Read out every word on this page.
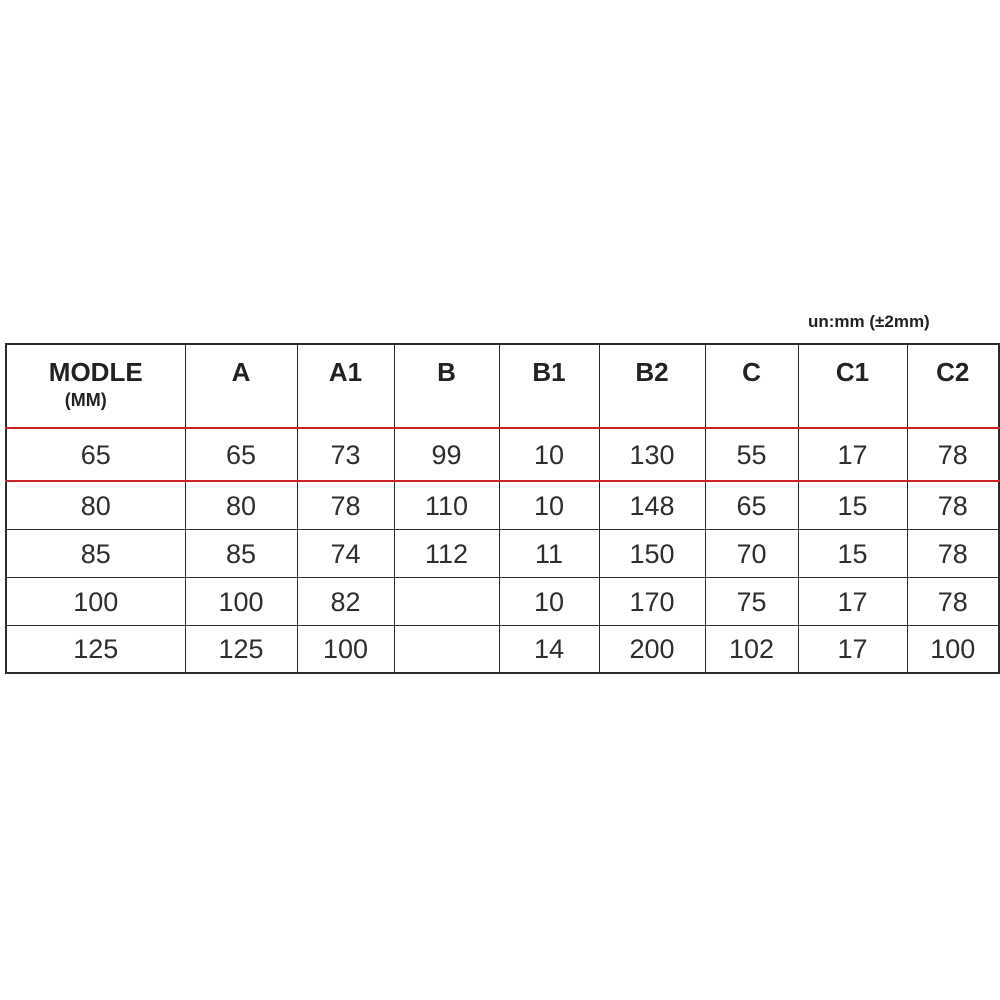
un:mm (±2mm)
MODLE
(MM)	A	A1	B	B1	B2	C	C1	C2
65	65	73	99	10	130	55	17	78
80	80	78	110	10	148	65	15	78
85	85	74	112	11	150	70	15	78
100	100	82		10	170	75	17	78
125	125	100		14	200	102	17	100
